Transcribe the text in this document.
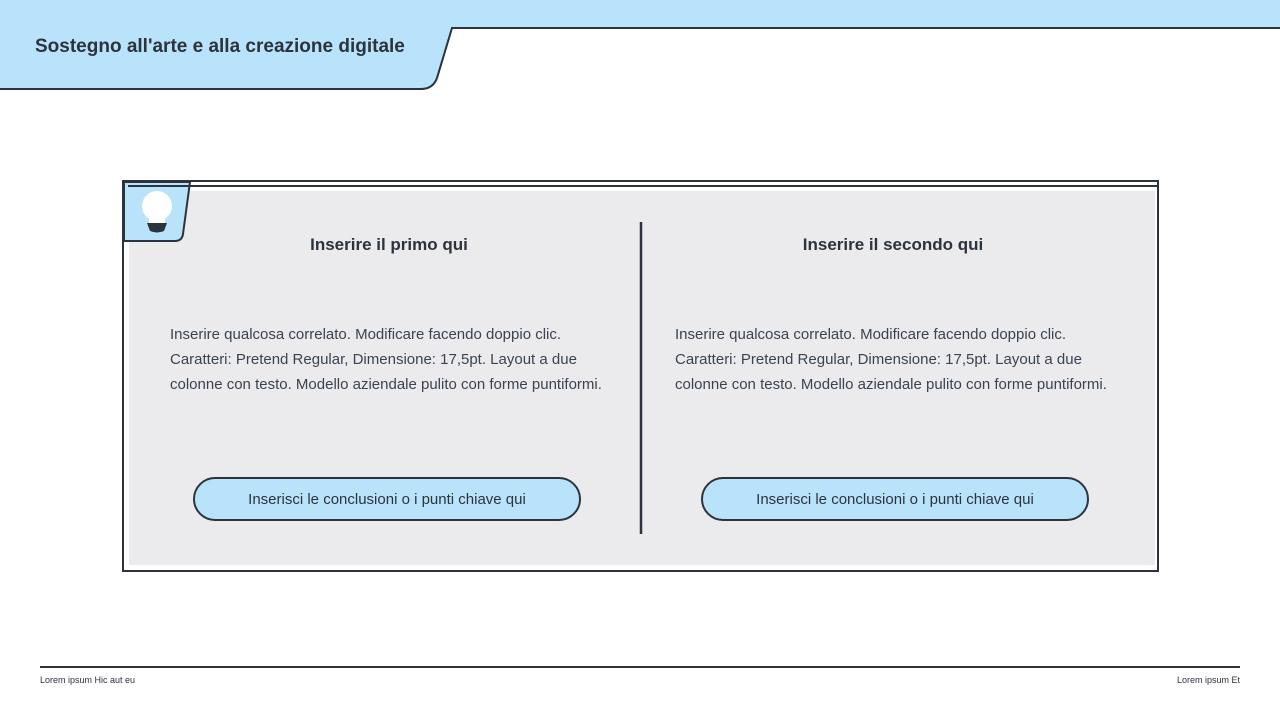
Sostegno all'arte e alla creazione digitale
Inserire il primo qui
Inserire qualcosa correlato. Modificare facendo doppio clic. Caratteri: Pretend Regular, Dimensione: 17,5pt. Layout a due colonne con testo. Modello aziendale pulito con forme puntiformi.
Inserisci le conclusioni o i punti chiave qui
Inserire il secondo qui
Inserire qualcosa correlato. Modificare facendo doppio clic. Caratteri: Pretend Regular, Dimensione: 17,5pt. Layout a due colonne con testo. Modello aziendale pulito con forme puntiformi.
Inserisci le conclusioni o i punti chiave qui
Lorem ipsum Hic aut eu	Lorem ipsum Et
